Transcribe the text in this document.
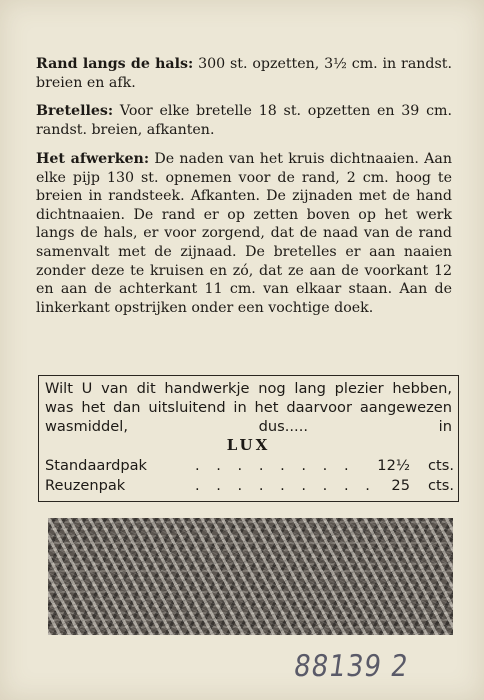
Rand langs de hals: 300 st. opzetten, 3½ cm. in randst. breien en afk.

Bretelles: Voor elke bretelle 18 st. opzetten en 39 cm. randst. breien, afkanten.

Het afwerken: De naden van het kruis dichtnaaien. Aan elke pijp 130 st. opnemen voor de rand, 2 cm. hoog te breien in randsteek. Afkanten. De zijnaden met de hand dichtnaaien. De rand er op zetten boven op het werk langs de hals, er voor zorgend, dat de naad van de rand samenvalt met de zijnaad. De bretelles er aan naaien zonder deze te kruisen en zó, dat ze aan de voorkant 12 en aan de achterkant 11 cm. van elkaar staan. Aan de linkerkant opstrijken onder een vochtige doek.

Wilt U van dit handwerkje nog lang plezier hebben, was het dan uitsluitend in het daarvoor aangewezen wasmiddel, dus..... in

LUX
Standaardpak	. . . . . . . . 12½ cts.
Reuzenpak	. . . . . . . . . 25 cts.
88139 2
